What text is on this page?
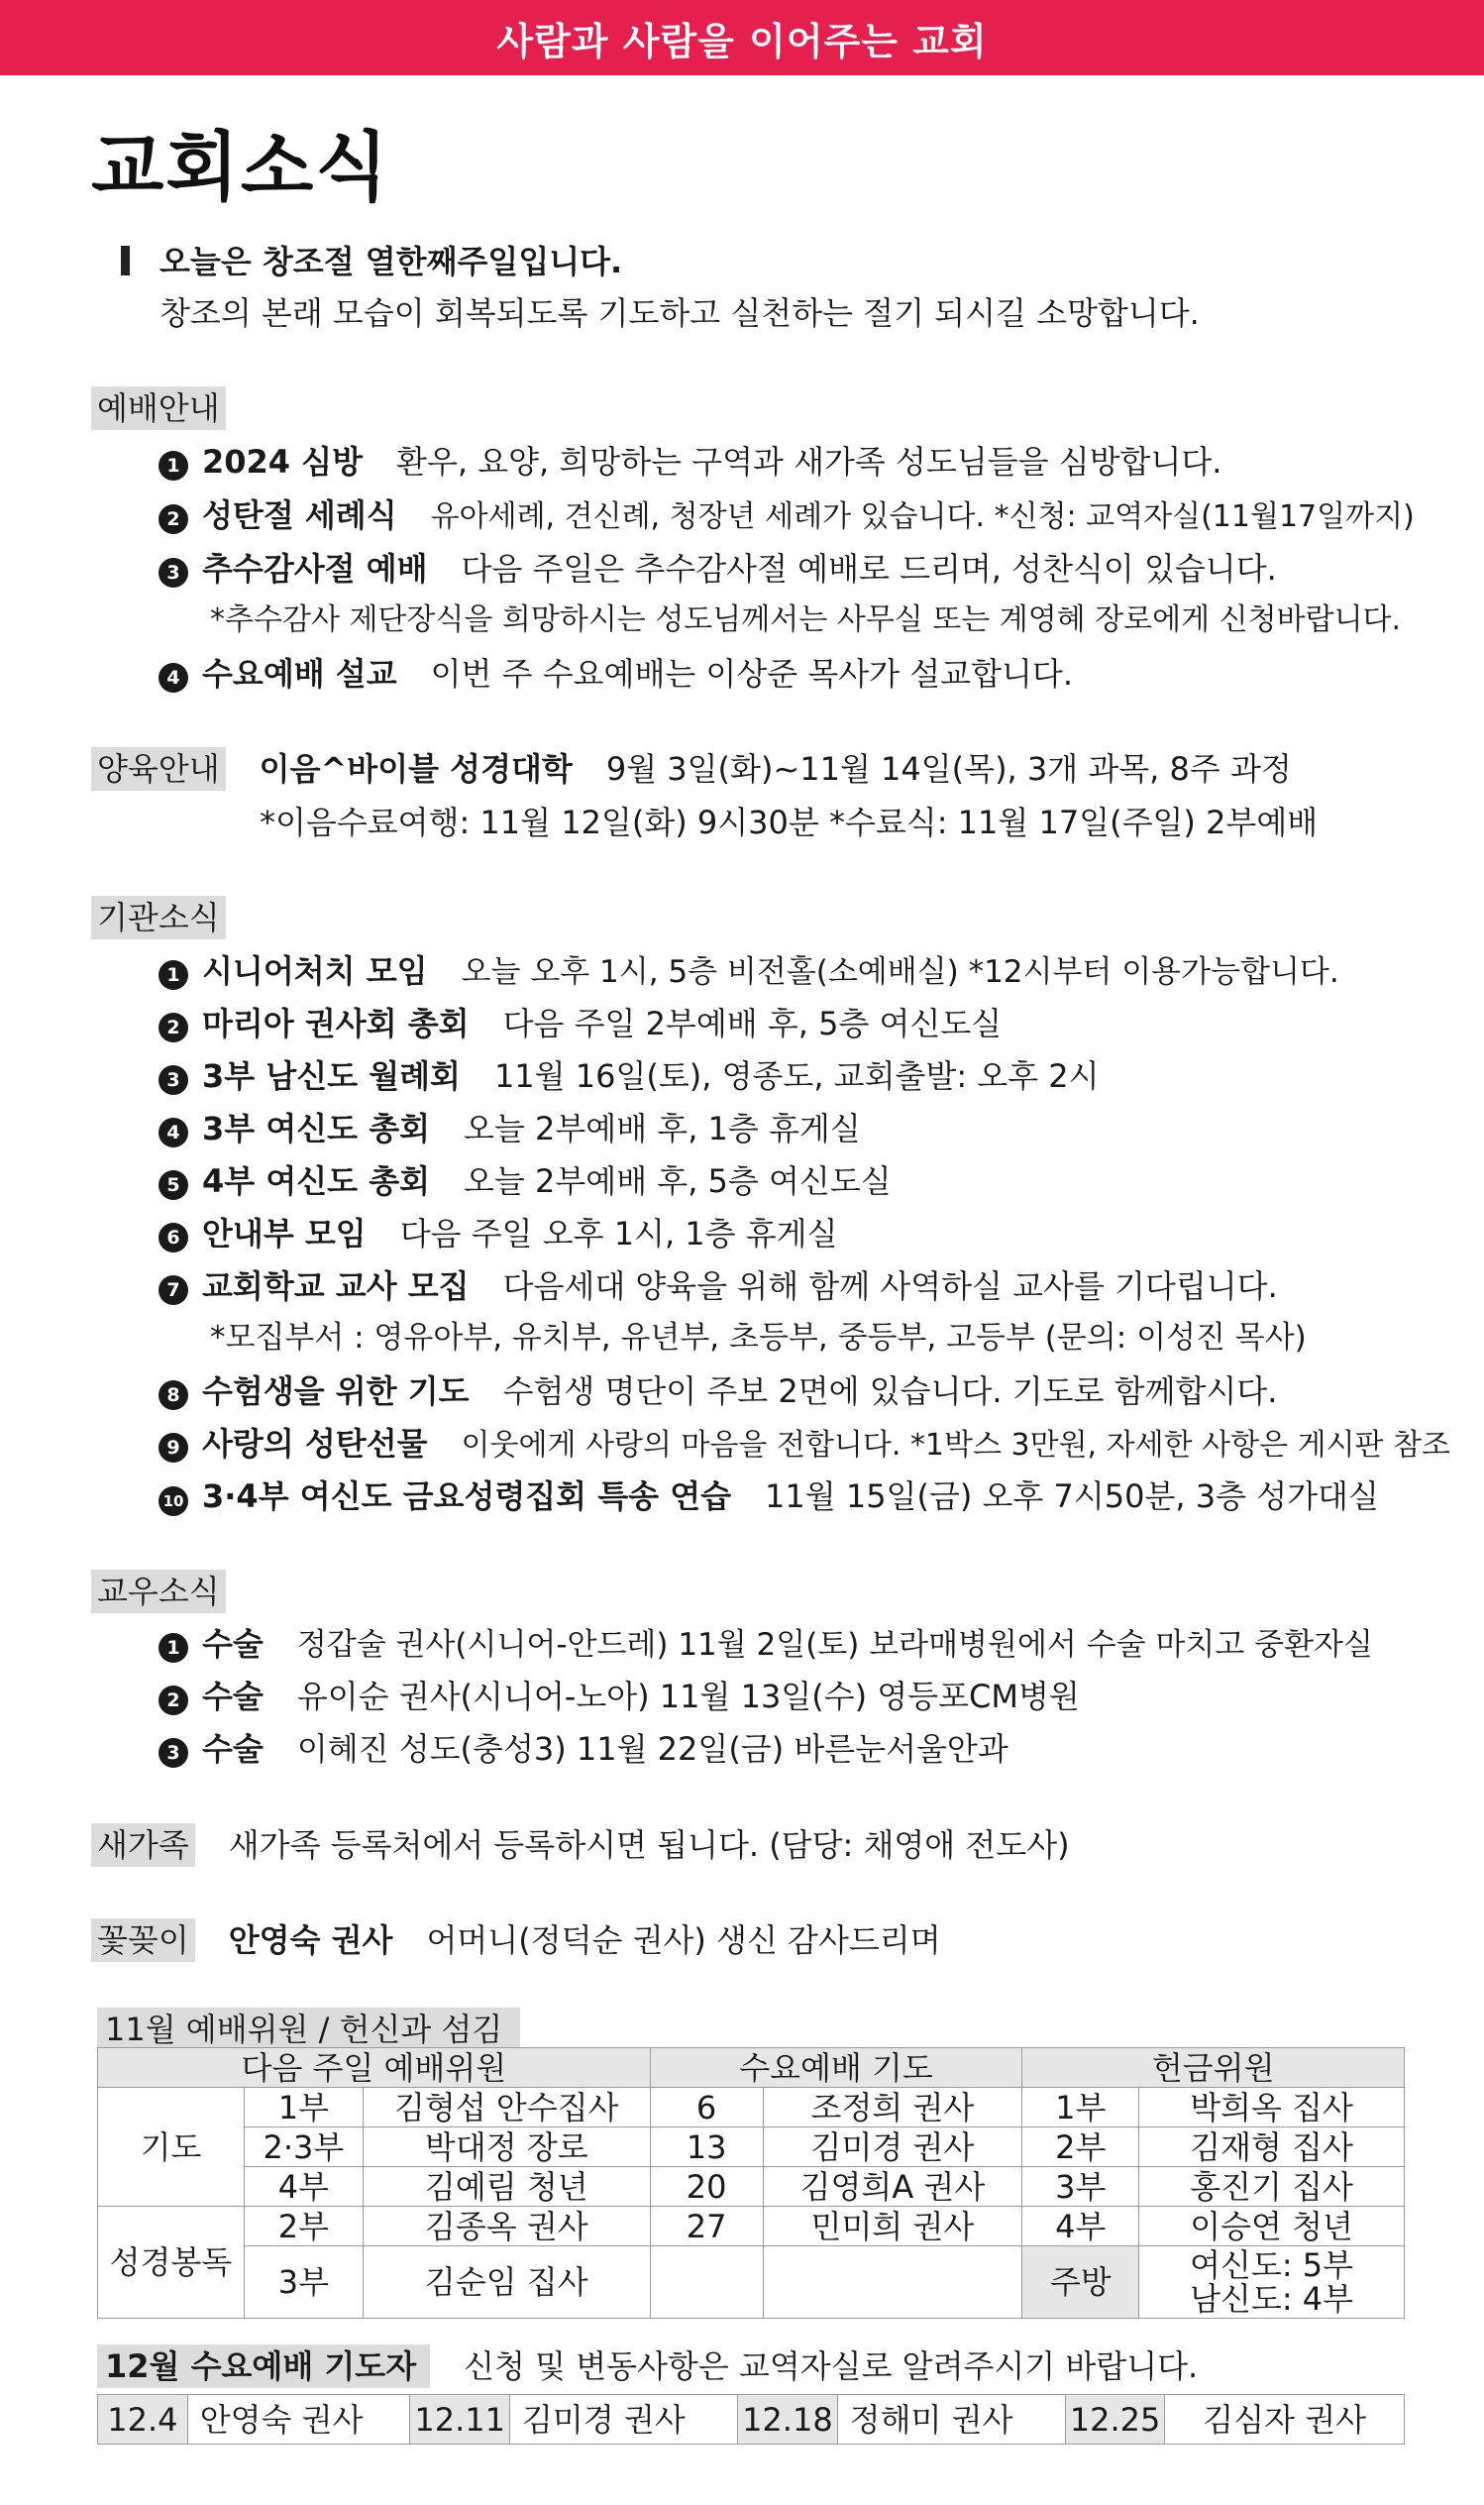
사람과 사람을 이어주는 교회
교회소식
오늘은 창조절 열한째주일입니다.
창조의 본래 모습이 회복되도록 기도하고 실천하는 절기 되시길 소망합니다.
예배안내
1 2024 심방 환우, 요양, 희망하는 구역과 새가족 성도님들을 심방합니다.
2 성탄절 세례식 유아세례, 견신례, 청장년 세례가 있습니다. *신청: 교역자실(11월17일까지)
3 추수감사절 예배 다음 주일은 추수감사절 예배로 드리며, 성찬식이 있습니다.
*추수감사 제단장식을 희망하시는 성도님께서는 사무실 또는 계영혜 장로에게 신청바랍니다.
4 수요예배 설교 이번 주 수요예배는 이상준 목사가 설교합니다.
양육안내 이음^바이블 성경대학 9월 3일(화)~11월 14일(목), 3개 과목, 8주 과정
*이음수료여행: 11월 12일(화) 9시30분 *수료식: 11월 17일(주일) 2부예배
기관소식
1 시니어처치 모임 오늘 오후 1시, 5층 비전홀(소예배실) *12시부터 이용가능합니다.
2 마리아 권사회 총회 다음 주일 2부예배 후, 5층 여신도실
3 3부 남신도 월례회 11월 16일(토), 영종도, 교회출발: 오후 2시
4 3부 여신도 총회 오늘 2부예배 후, 1층 휴게실
5 4부 여신도 총회 오늘 2부예배 후, 5층 여신도실
6 안내부 모임 다음 주일 오후 1시, 1층 휴게실
7 교회학교 교사 모집 다음세대 양육을 위해 함께 사역하실 교사를 기다립니다.
*모집부서 : 영유아부, 유치부, 유년부, 초등부, 중등부, 고등부 (문의: 이성진 목사)
8 수험생을 위한 기도 수험생 명단이 주보 2면에 있습니다. 기도로 함께합시다.
9 사랑의 성탄선물 이웃에게 사랑의 마음을 전합니다. *1박스 3만원, 자세한 사항은 게시판 참조
10 3·4부 여신도 금요성령집회 특송 연습 11월 15일(금) 오후 7시50분, 3층 성가대실
교우소식
1 수술 정갑술 권사(시니어-안드레) 11월 2일(토) 보라매병원에서 수술 마치고 중환자실
2 수술 유이순 권사(시니어-노아) 11월 13일(수) 영등포CM병원
3 수술 이혜진 성도(충성3) 11월 22일(금) 바른눈서울안과
새가족 새가족 등록처에서 등록하시면 됩니다. (담당: 채영애 전도사)
꽃꽂이 안영숙 권사 어머니(정덕순 권사) 생신 감사드리며
11월 예배위원 / 헌신과 섬김
다음 주일 예배위원			수요예배 기도		헌금위원	
기도	1부	김형섭 안수집사	6	조정희 권사	1부	박희옥 집사
	2·3부	박대정 장로	13	김미경 권사	2부	김재형 집사
	4부	김예림 청년	20	김영희A 권사	3부	홍진기 집사
성경봉독	2부	김종옥 권사	27	민미희 권사	4부	이승연 청년
	3부	김순임 집사			주방	여신도: 5부
남신도: 4부
12월 수요예배 기도자 신청 및 변동사항은 교역자실로 알려주시기 바랍니다.
12.4	안영숙 권사	12.11	김미경 권사	12.18	정해미 권사	12.25	김심자 권사
